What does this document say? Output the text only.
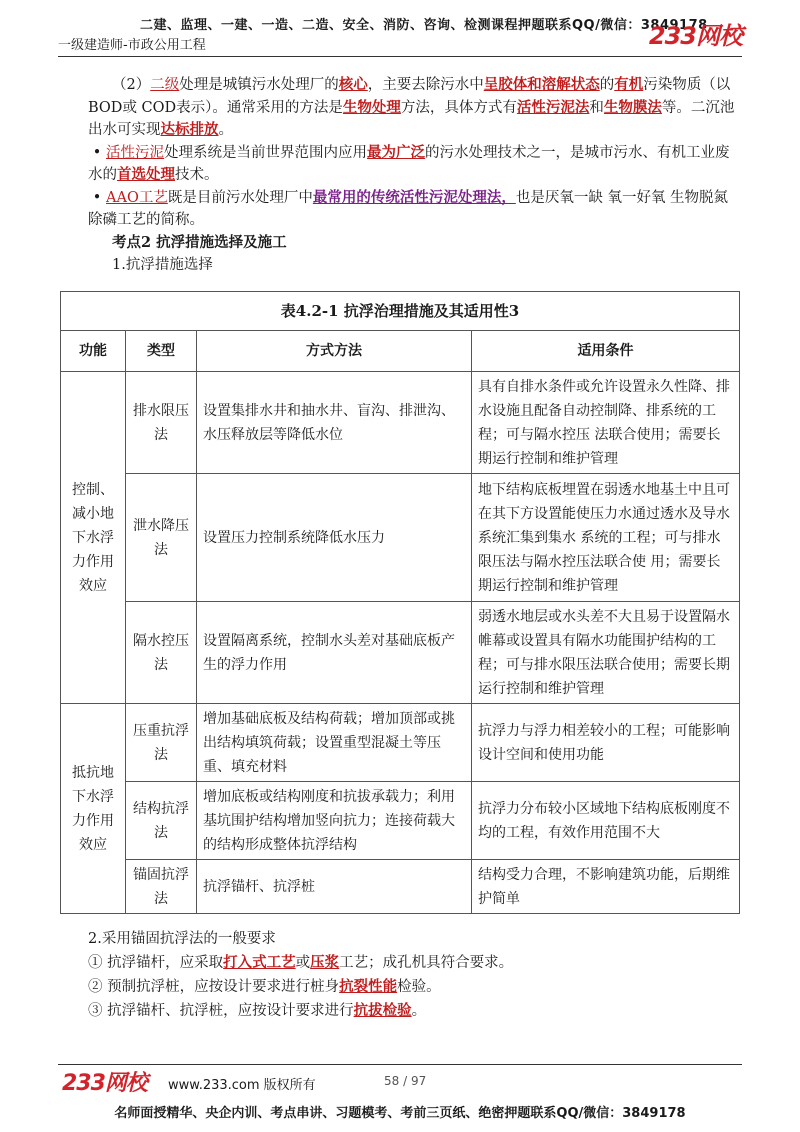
二建、监理、一建、一造、二造、安全、消防、咨询、检测课程押题联系QQ/微信：3849178
一级建造师-市政公用工程	233网校

（2）二级处理是城镇污水处理厂的核心，主要去除污水中呈胶体和溶解状态的有机污染物质（以BOD或 COD表示）。通常采用的方法是生物处理方法，具体方式有活性污泥法和生物膜法等。二沉池出水可实现达标排放。

• 活性污泥处理系统是当前世界范围内应用最为广泛的污水处理技术之一，是城市污水、有机工业废水的首选处理技术。

• AAO工艺既是目前污水处理厂中最常用的传统活性污泥处理法，也是厌氧一缺 氧一好氧 生物脱氮除磷工艺的简称。

考点2 抗浮措施选择及施工

1.抗浮措施选择

表4.2-1 抗浮治理措施及其适用性3			
功能	类型	方式方法	适用条件
控制、减小地下水浮力作用效应	排水限压法	设置集排水井和抽水井、盲沟、排泄沟、水压释放层等降低水位	具有自排水条件或允许设置永久性降、排水设施且配备自动控制降、排系统的工程；可与隔水控压 法联合使用；需要长期运行控制和维护管理
	泄水降压法	设置压力控制系统降低水压力	地下结构底板埋置在弱透水地基土中且可在其下方设置能使压力水通过透水及导水系统汇集到集水 系统的工程；可与排水限压法与隔水控压法联合使 用；需要长期运行控制和维护管理
	隔水控压法	设置隔离系统，控制水头差对基础底板产生的浮力作用	弱透水地层或水头差不大且易于设置隔水帷幕或设置具有隔水功能围护结构的工程；可与排水限压法联合使用；需要长期运行控制和维护管理
抵抗地下水浮力作用效应	压重抗浮法	增加基础底板及结构荷载；增加顶部或挑出结构填筑荷载；设置重型混凝土等压重、填充材料	抗浮力与浮力相差较小的工程；可能影响设计空间和使用功能
	结构抗浮法	增加底板或结构刚度和抗拔承载力；利用基坑围护结构增加竖向抗力；连接荷载大的结构形成整体抗浮结构	抗浮力分布较小区域地下结构底板刚度不均的工程，有效作用范围不大
	锚固抗浮法	抗浮锚杆、抗浮桩	结构受力合理，不影响建筑功能，后期维护简单

2.采用锚固抗浮法的一般要求

① 抗浮锚杆，应采取打入式工艺或压浆工艺；成孔机具符合要求。

② 预制抗浮桩，应按设计要求进行桩身抗裂性能检验。

③ 抗浮锚杆、抗浮桩，应按设计要求进行抗拔检验。

233网校 www.233.com 版权所有	58 / 97
名师面授精华、央企内训、考点串讲、习题模考、考前三页纸、绝密押题联系QQ/微信：3849178
